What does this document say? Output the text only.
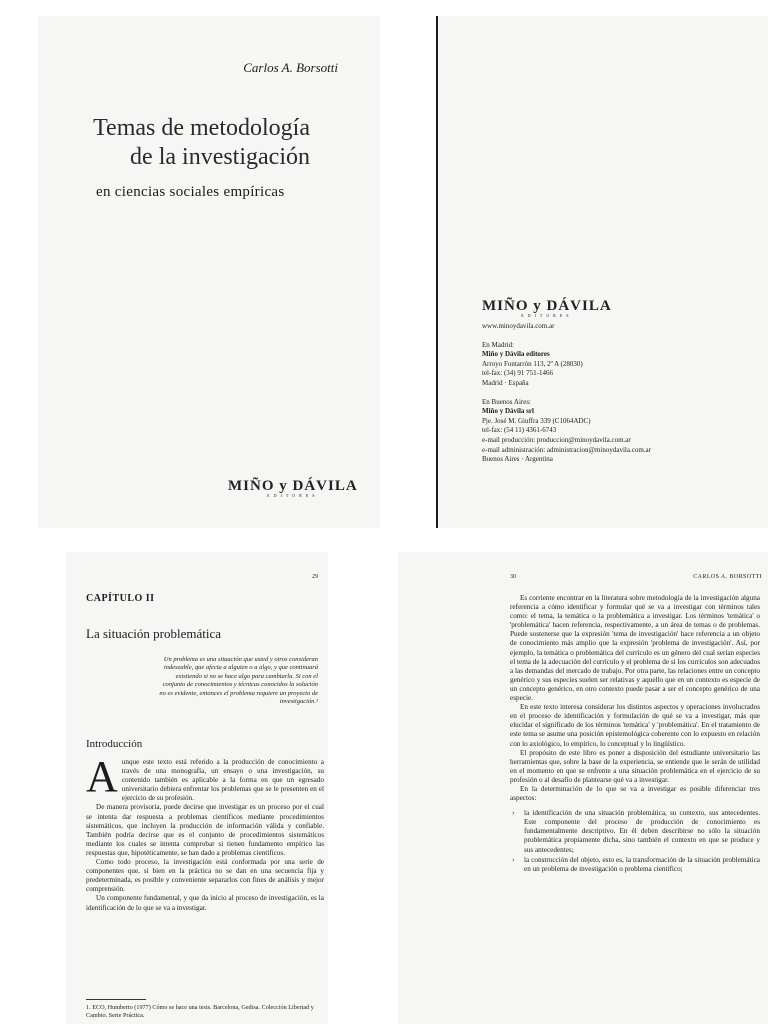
Carlos A. Borsotti
Temas de metodología
de la investigación
en ciencias sociales empíricas
MIÑO y DÁVILA
EDITORES
MIÑO y DÁVILA
EDITORES
www.minoydavila.com.ar
En Madrid:
Miño y Dávila editores
Arroyo Fontarrón 113, 2º A (28030)
tel-fax: (34) 91 751-1466
Madrid · España
En Buenos Aires:
Miño y Dávila srl
Pje. José M. Giuffra 339 (C1064ADC)
tel-fax: (54 11) 4361-6743
e-mail producción: produccion@minoydavila.com.ar
e-mail administración: administracion@minoydavila.com.ar
Buenos Aires · Argentina
29
CAPÍTULO II
La situación problemática
Un problema es una situación que usted y otros consideran indeseable, que afecta a alguien o a algo, y que continuará existiendo si no se hace algo para cambiarla. Si con el conjunto de conocimientos y técnicas conocidos la solución no es evidente, entonces el problema requiere un proyecto de investigación.¹
Introducción

Aunque este texto está referido a la producción de conocimiento a través de una monografía, un ensayo o una investigación, su contenido también es aplicable a la forma en que un egresado universitario debiera enfrentar los problemas que se le presenten en el ejercicio de su profesión.

De manera provisoria, puede decirse que investigar es un proceso por el cual se intenta dar respuesta a problemas científicos mediante procedimientos sistemáticos, que incluyen la producción de información válida y confiable. También podría decirse que es el conjunto de procedimientos sistemáticos mediante los cuales se intenta comprobar si tienen fundamento empírico las respuestas que, hipotéticamente, se han dado a problemas científicos.

Como todo proceso, la investigación está conformada por una serie de componentes que, si bien en la práctica no se dan en una secuencia fija y predeterminada, es posible y conveniente separarlos con fines de análisis y mejor comprensión.

Un componente fundamental, y que da inicio al proceso de investigación, es la identificación de lo que se va a investigar.

1. ECO, Humberto (1977) Cómo se hace una tesis. Barcelona, Gedisa. Colección Libertad y Cambio. Serie Práctica.
30	CARLOS A. BORSOTTI

Es corriente encontrar en la literatura sobre metodología de la investigación alguna referencia a cómo identificar y formular qué se va a investigar con términos tales como: el tema, la temática o la problemática a investigar. Los términos 'temática' o 'problemática' hacen referencia, respectivamente, a un área de temas o de problemas. Puede sostenerse que la expresión 'tema de investigación' hace referencia a un objeto de conocimiento más amplio que la expresión 'problema de investigación'. Así, por ejemplo, la temática o problemática del currículo es un género del cual serían especies el tema de la adecuación del currículo y el problema de si los currículos son adecuados a las demandas del mercado de trabajo. Por otra parte, las relaciones entre un concepto genérico y sus especies suelen ser relativas y aquello que en un contexto es especie de un concepto genérico, en otro contexto puede pasar a ser el concepto genérico de una especie.

En este texto interesa considerar los distintos aspectos y operaciones involucrados en el proceso de identificación y formulación de qué se va a investigar, más que elucidar el significado de los términos 'temática' y 'problemática'. En el tratamiento de este tema se asume una posición epistemológica coherente con lo expuesto en relación con lo axiológico, lo empírico, lo conceptual y lo lingüístico.

El propósito de este libro es poner a disposición del estudiante universitario las herramientas que, sobre la base de la experiencia, se entiende que le serán de utilidad en el momento en que se enfrente a una situación problemática en el ejercicio de su profesión o al desafío de plantearse qué va a investigar.

En la determinación de lo que se va a investigar es posible diferenciar tres aspectos:

› la identificación de una situación problemática, su contexto, sus antecedentes. Este componente del proceso de producción de conocimiento es fundamentalmente descriptivo. En él deben describirse no sólo la situación problemática propiamente dicha, sino también el contexto en que se produce y sus antecedentes;
› la construcción del objeto, esto es, la transformación de la situación problemática en un problema de investigación o problema científico;
